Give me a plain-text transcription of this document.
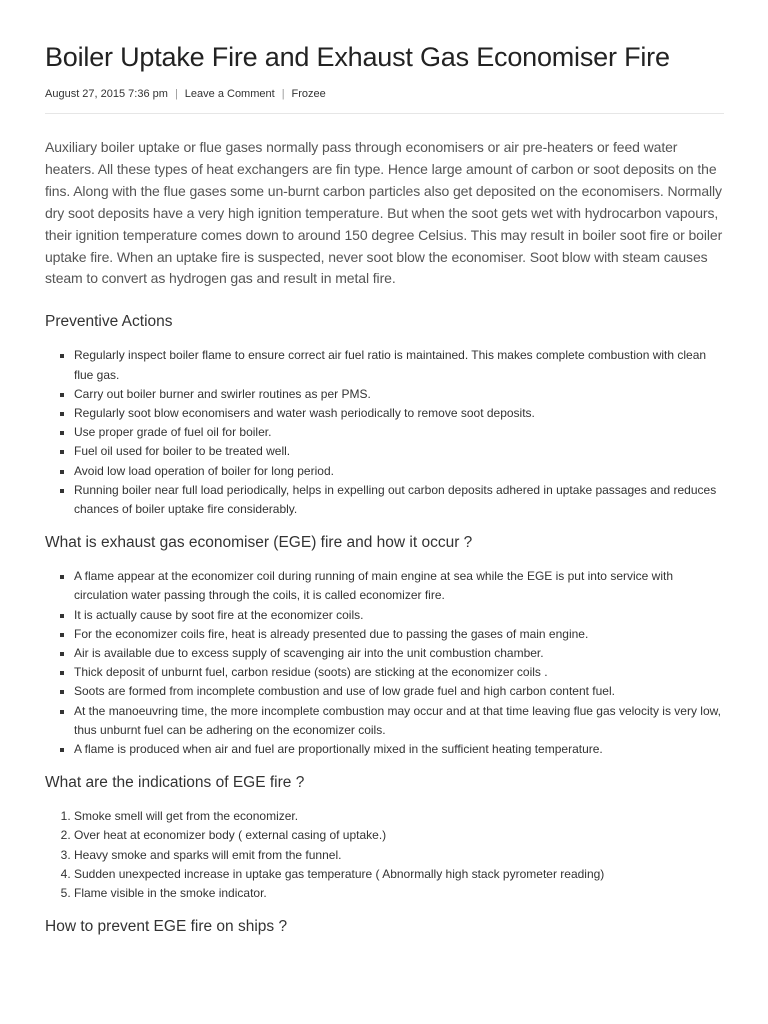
Boiler Uptake Fire and Exhaust Gas Economiser Fire
August 27, 2015 7:36 pm | Leave a Comment | Frozee

Auxiliary boiler uptake or flue gases normally pass through economisers or air pre-heaters or feed water heaters. All these types of heat exchangers are fin type. Hence large amount of carbon or soot deposits on the fins. Along with the flue gases some un-burnt carbon particles also get deposited on the economisers. Normally dry soot deposits have a very high ignition temperature. But when the soot gets wet with hydrocarbon vapours, their ignition temperature comes down to around 150 degree Celsius. This may result in boiler soot fire or boiler uptake fire. When an uptake fire is suspected, never soot blow the economiser. Soot blow with steam causes steam to convert as hydrogen gas and result in metal fire.

Preventive Actions
Regularly inspect boiler flame to ensure correct air fuel ratio is maintained. This makes complete combustion with clean flue gas.
Carry out boiler burner and swirler routines as per PMS.
Regularly soot blow economisers and water wash periodically to remove soot deposits.
Use proper grade of fuel oil for boiler.
Fuel oil used for boiler to be treated well.
Avoid low load operation of boiler for long period.
Running boiler near full load periodically, helps in expelling out carbon deposits adhered in uptake passages and reduces chances of boiler uptake fire considerably.
What is exhaust gas economiser (EGE) fire and how it occur ?
A flame appear at the economizer coil during running of main engine at sea while the EGE is put into service with circulation water passing through the coils, it is called economizer fire.
It is actually cause by soot fire at the economizer coils.
For the economizer coils fire, heat is already presented due to passing the gases of main engine.
Air is available due to excess supply of scavenging air into the unit combustion chamber.
Thick deposit of unburnt fuel, carbon residue (soots) are sticking at the economizer coils .
Soots are formed from incomplete combustion and use of low grade fuel and high carbon content fuel.
At the manoeuvring time, the more incomplete combustion may occur and at that time leaving flue gas velocity is very low, thus unburnt fuel can be adhering on the economizer coils.
A flame is produced when air and fuel are proportionally mixed in the sufficient heating temperature.
What are the indications of EGE fire ?
1. Smoke smell will get from the economizer.
2. Over heat at economizer body ( external casing of uptake.)
3. Heavy smoke and sparks will emit from the funnel.
4. Sudden unexpected increase in uptake gas temperature ( Abnormally high stack pyrometer reading)
5. Flame visible in the smoke indicator.
How to prevent EGE fire on ships ?
